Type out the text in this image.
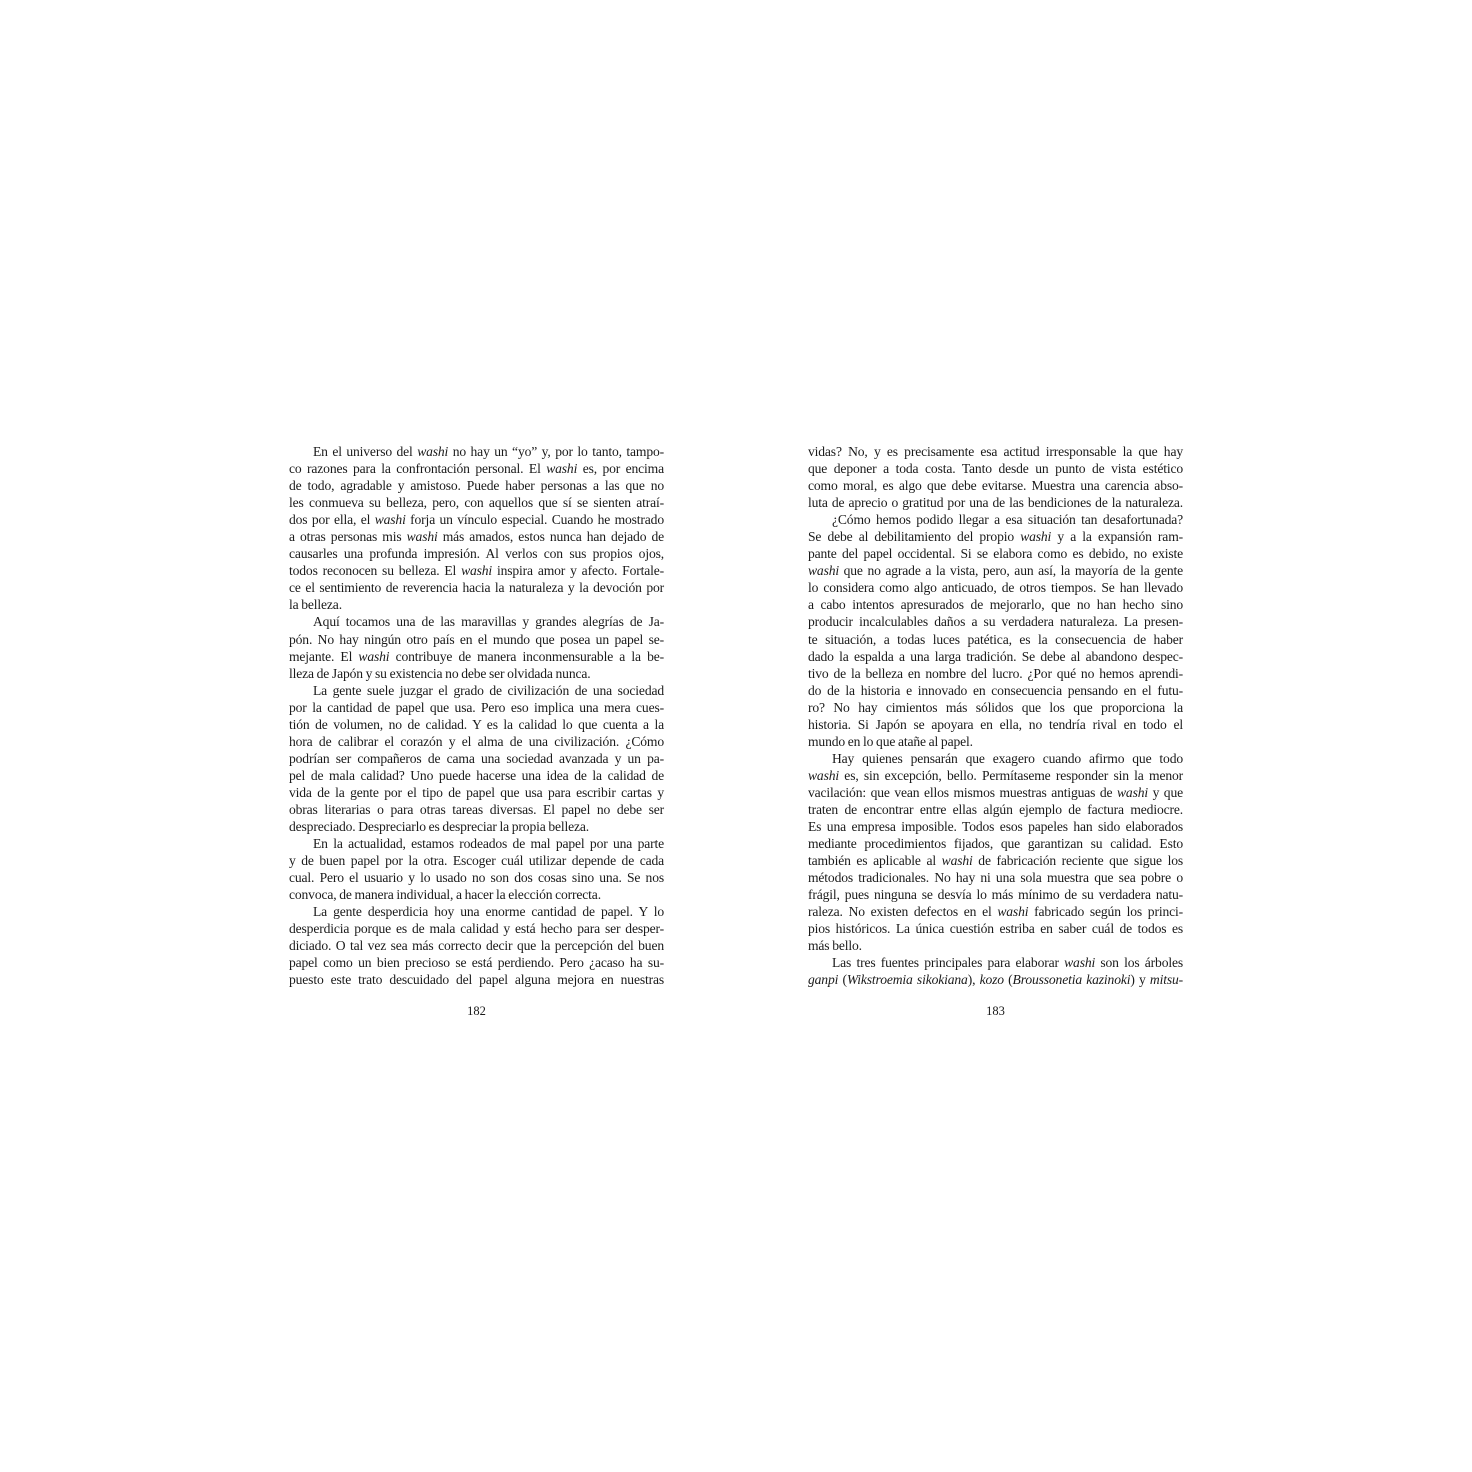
En el universo del washi no hay un “yo” y, por lo tanto, tampo-
co razones para la confrontación personal. El washi es, por encima
de todo, agradable y amistoso. Puede haber personas a las que no
les conmueva su belleza, pero, con aquellos que sí se sienten atraí-
dos por ella, el washi forja un vínculo especial. Cuando he mostrado
a otras personas mis washi más amados, estos nunca han dejado de
causarles una profunda impresión. Al verlos con sus propios ojos,
todos reconocen su belleza. El washi inspira amor y afecto. Fortale-
ce el sentimiento de reverencia hacia la naturaleza y la devoción por
la belleza.
Aquí tocamos una de las maravillas y grandes alegrías de Ja-
pón. No hay ningún otro país en el mundo que posea un papel se-
mejante. El washi contribuye de manera inconmensurable a la be-
lleza de Japón y su existencia no debe ser olvidada nunca.
La gente suele juzgar el grado de civilización de una sociedad
por la cantidad de papel que usa. Pero eso implica una mera cues-
tión de volumen, no de calidad. Y es la calidad lo que cuenta a la
hora de calibrar el corazón y el alma de una civilización. ¿Cómo
podrían ser compañeros de cama una sociedad avanzada y un pa-
pel de mala calidad? Uno puede hacerse una idea de la calidad de
vida de la gente por el tipo de papel que usa para escribir cartas y
obras literarias o para otras tareas diversas. El papel no debe ser
despreciado. Despreciarlo es despreciar la propia belleza.
En la actualidad, estamos rodeados de mal papel por una parte
y de buen papel por la otra. Escoger cuál utilizar depende de cada
cual. Pero el usuario y lo usado no son dos cosas sino una. Se nos
convoca, de manera individual, a hacer la elección correcta.
La gente desperdicia hoy una enorme cantidad de papel. Y lo
desperdicia porque es de mala calidad y está hecho para ser desper-
diciado. O tal vez sea más correcto decir que la percepción del buen
papel como un bien precioso se está perdiendo. Pero ¿acaso ha su-
puesto este trato descuidado del papel alguna mejora en nuestras
182
vidas? No, y es precisamente esa actitud irresponsable la que hay
que deponer a toda costa. Tanto desde un punto de vista estético
como moral, es algo que debe evitarse. Muestra una carencia abso-
luta de aprecio o gratitud por una de las bendiciones de la naturaleza.
¿Cómo hemos podido llegar a esa situación tan desafortunada?
Se debe al debilitamiento del propio washi y a la expansión ram-
pante del papel occidental. Si se elabora como es debido, no existe
washi que no agrade a la vista, pero, aun así, la mayoría de la gente
lo considera como algo anticuado, de otros tiempos. Se han llevado
a cabo intentos apresurados de mejorarlo, que no han hecho sino
producir incalculables daños a su verdadera naturaleza. La presen-
te situación, a todas luces patética, es la consecuencia de haber
dado la espalda a una larga tradición. Se debe al abandono despec-
tivo de la belleza en nombre del lucro. ¿Por qué no hemos aprendi-
do de la historia e innovado en consecuencia pensando en el futu-
ro? No hay cimientos más sólidos que los que proporciona la
historia. Si Japón se apoyara en ella, no tendría rival en todo el
mundo en lo que atañe al papel.
Hay quienes pensarán que exagero cuando afirmo que todo
washi es, sin excepción, bello. Permítaseme responder sin la menor
vacilación: que vean ellos mismos muestras antiguas de washi y que
traten de encontrar entre ellas algún ejemplo de factura mediocre.
Es una empresa imposible. Todos esos papeles han sido elaborados
mediante procedimientos fijados, que garantizan su calidad. Esto
también es aplicable al washi de fabricación reciente que sigue los
métodos tradicionales. No hay ni una sola muestra que sea pobre o
frágil, pues ninguna se desvía lo más mínimo de su verdadera natu-
raleza. No existen defectos en el washi fabricado según los princi-
pios históricos. La única cuestión estriba en saber cuál de todos es
más bello.
Las tres fuentes principales para elaborar washi son los árboles
ganpi (Wikstroemia sikokiana), kozo (Broussonetia kazinoki) y mitsu-
183
